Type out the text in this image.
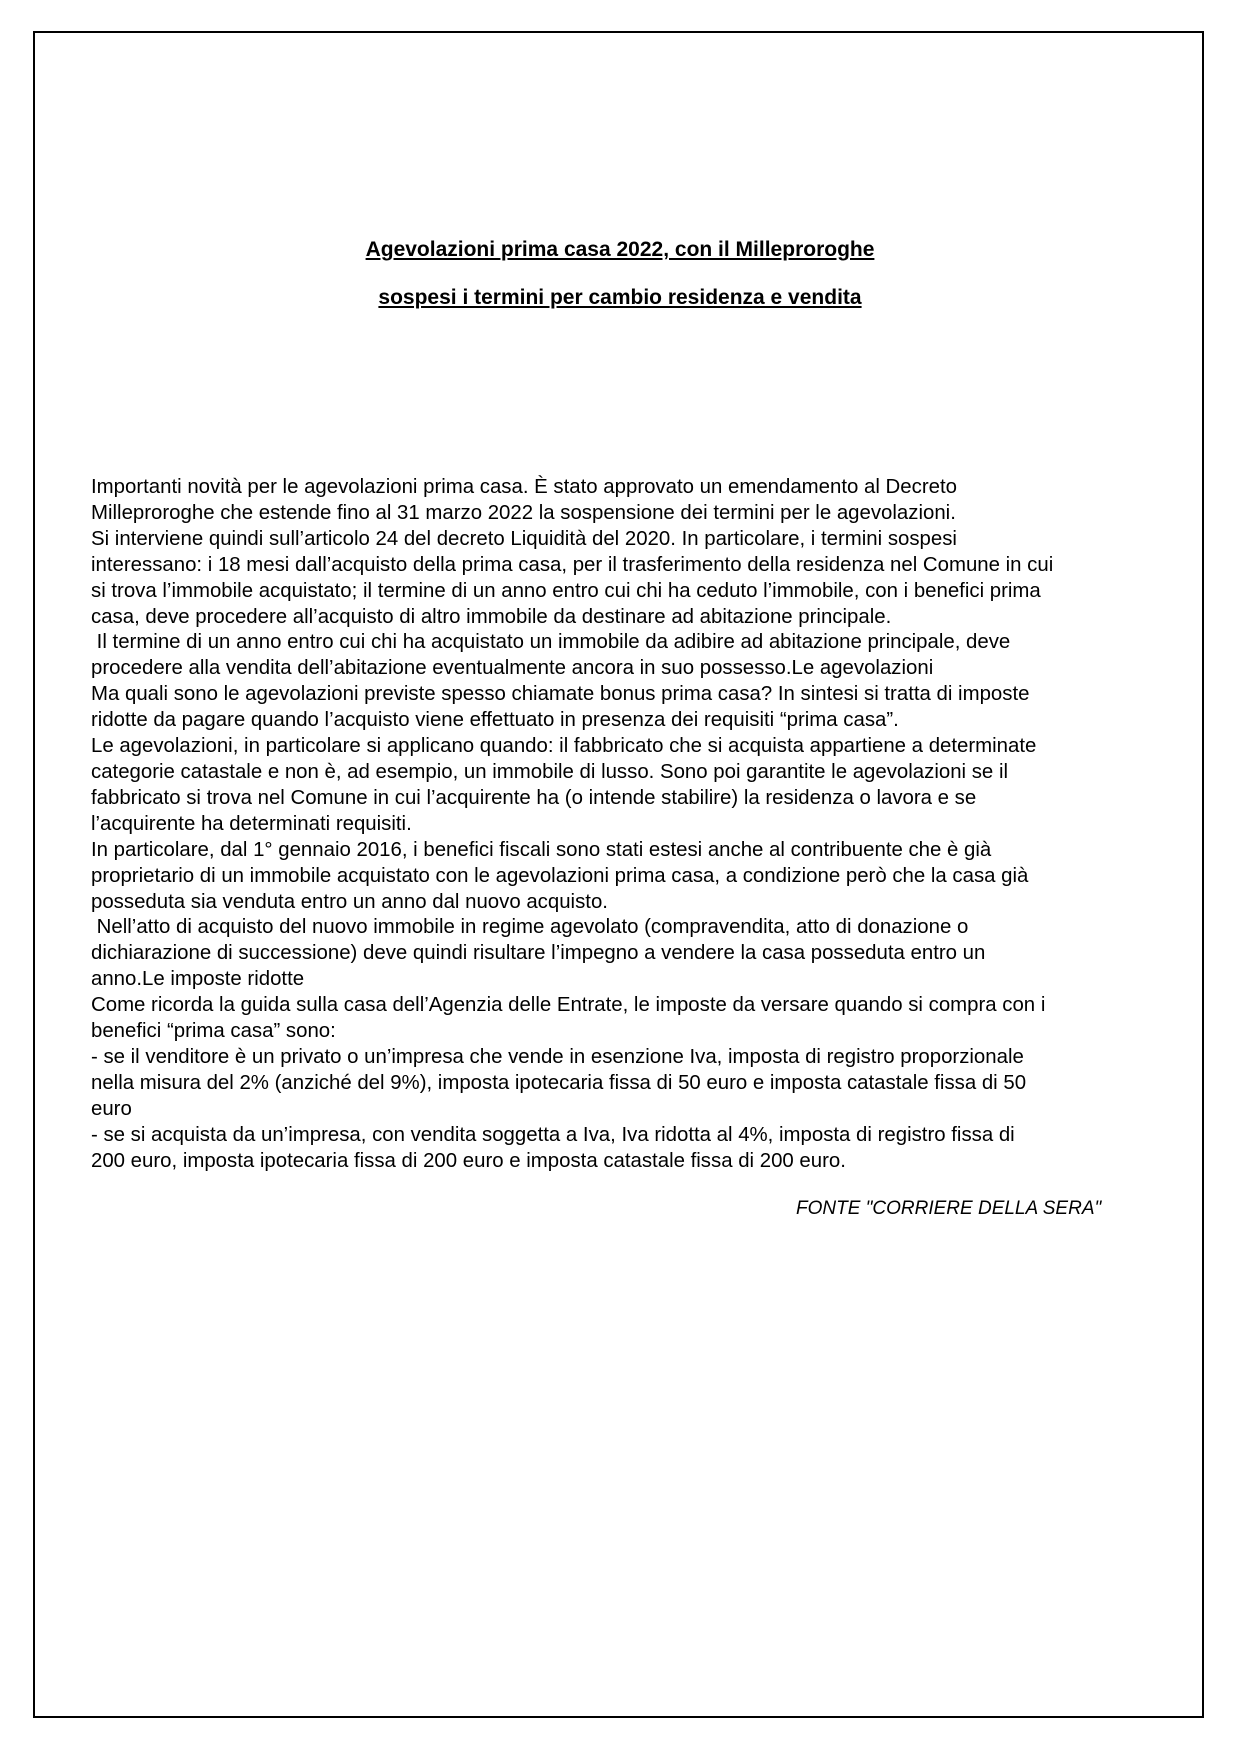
Agevolazioni prima casa 2022, con il Milleproroghe
sospesi i termini per cambio residenza e vendita
Importanti novità per le agevolazioni prima casa. È stato approvato un emendamento al Decreto
Milleproroghe che estende fino al 31 marzo 2022 la sospensione dei termini per le agevolazioni.
Si interviene quindi sull’articolo 24 del decreto Liquidità del 2020. In particolare, i termini sospesi
interessano: i 18 mesi dall’acquisto della prima casa, per il trasferimento della residenza nel Comune in cui
si trova l’immobile acquistato; il termine di un anno entro cui chi ha ceduto l’immobile, con i benefici prima
casa, deve procedere all’acquisto di altro immobile da destinare ad abitazione principale.
Il termine di un anno entro cui chi ha acquistato un immobile da adibire ad abitazione principale, deve
procedere alla vendita dell’abitazione eventualmente ancora in suo possesso.Le agevolazioni
Ma quali sono le agevolazioni previste spesso chiamate bonus prima casa? In sintesi si tratta di imposte
ridotte da pagare quando l’acquisto viene effettuato in presenza dei requisiti “prima casa”.
Le agevolazioni, in particolare si applicano quando: il fabbricato che si acquista appartiene a determinate
categorie catastale e non è, ad esempio, un immobile di lusso. Sono poi garantite le agevolazioni se il
fabbricato si trova nel Comune in cui l’acquirente ha (o intende stabilire) la residenza o lavora e se
l’acquirente ha determinati requisiti.
In particolare, dal 1° gennaio 2016, i benefici fiscali sono stati estesi anche al contribuente che è già
proprietario di un immobile acquistato con le agevolazioni prima casa, a condizione però che la casa già
posseduta sia venduta entro un anno dal nuovo acquisto.
Nell’atto di acquisto del nuovo immobile in regime agevolato (compravendita, atto di donazione o
dichiarazione di successione) deve quindi risultare l’impegno a vendere la casa posseduta entro un
anno.Le imposte ridotte
Come ricorda la guida sulla casa dell’Agenzia delle Entrate, le imposte da versare quando si compra con i
benefici “prima casa” sono:
- se il venditore è un privato o un’impresa che vende in esenzione Iva, imposta di registro proporzionale
nella misura del 2% (anziché del 9%), imposta ipotecaria fissa di 50 euro e imposta catastale fissa di 50
euro
- se si acquista da un’impresa, con vendita soggetta a Iva, Iva ridotta al 4%, imposta di registro fissa di
200 euro, imposta ipotecaria fissa di 200 euro e imposta catastale fissa di 200 euro.
FONTE "CORRIERE DELLA SERA"
